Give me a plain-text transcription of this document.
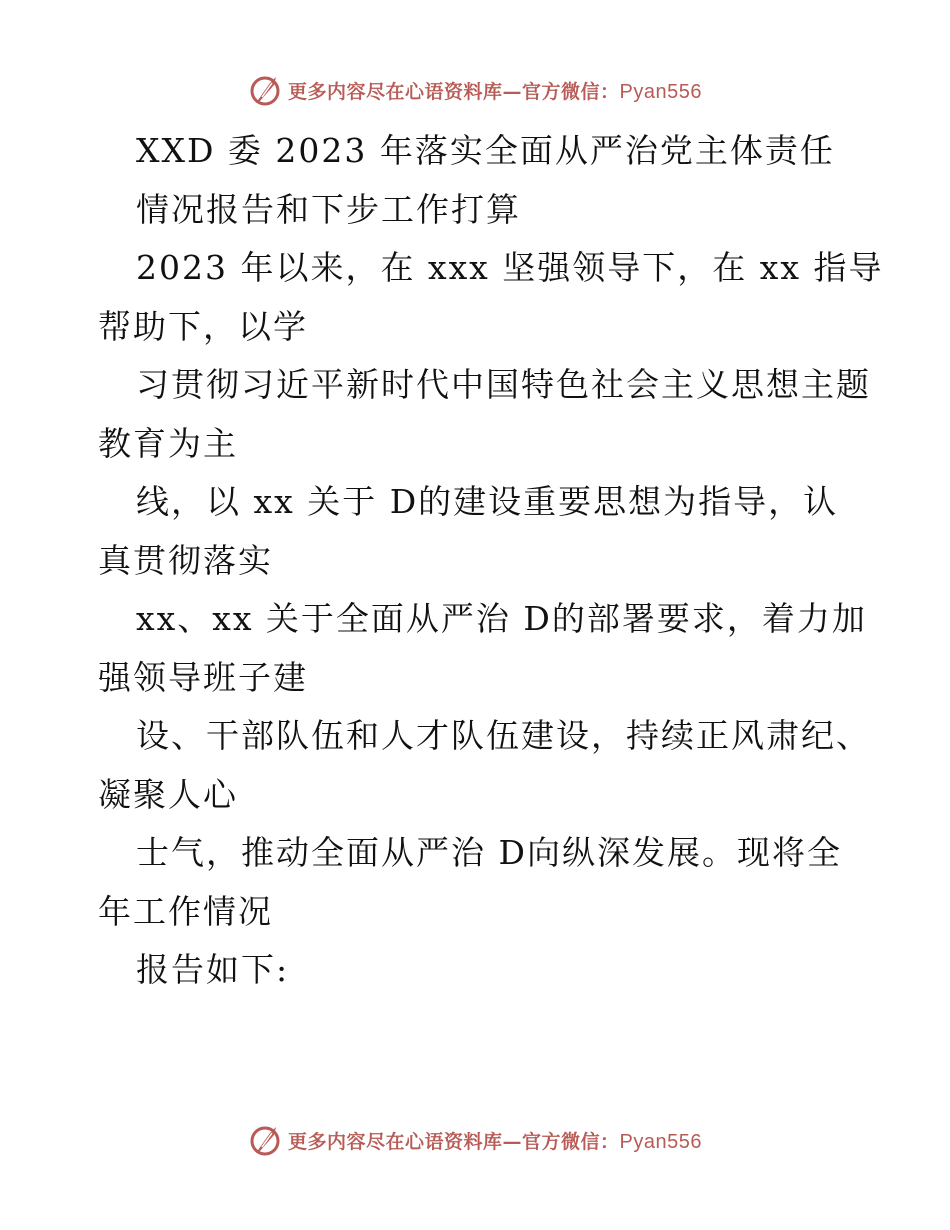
更多内容尽在心语资料库—官方微信：Pyan556
XXD 委 2023 年落实全面从严治党主体责任
情况报告和下步工作打算
2023 年以来，在 xxx 坚强领导下，在 xx 指导
帮助下，以学
习贯彻习近平新时代中国特色社会主义思想主题
教育为主
线，以 xx 关于 D的建设重要思想为指导，认
真贯彻落实
xx、xx 关于全面从严治 D的部署要求，着力加
强领导班子建
设、干部队伍和人才队伍建设，持续正风肃纪、
凝聚人心
士气，推动全面从严治 D向纵深发展。现将全
年工作情况
报告如下:
更多内容尽在心语资料库—官方微信：Pyan556
